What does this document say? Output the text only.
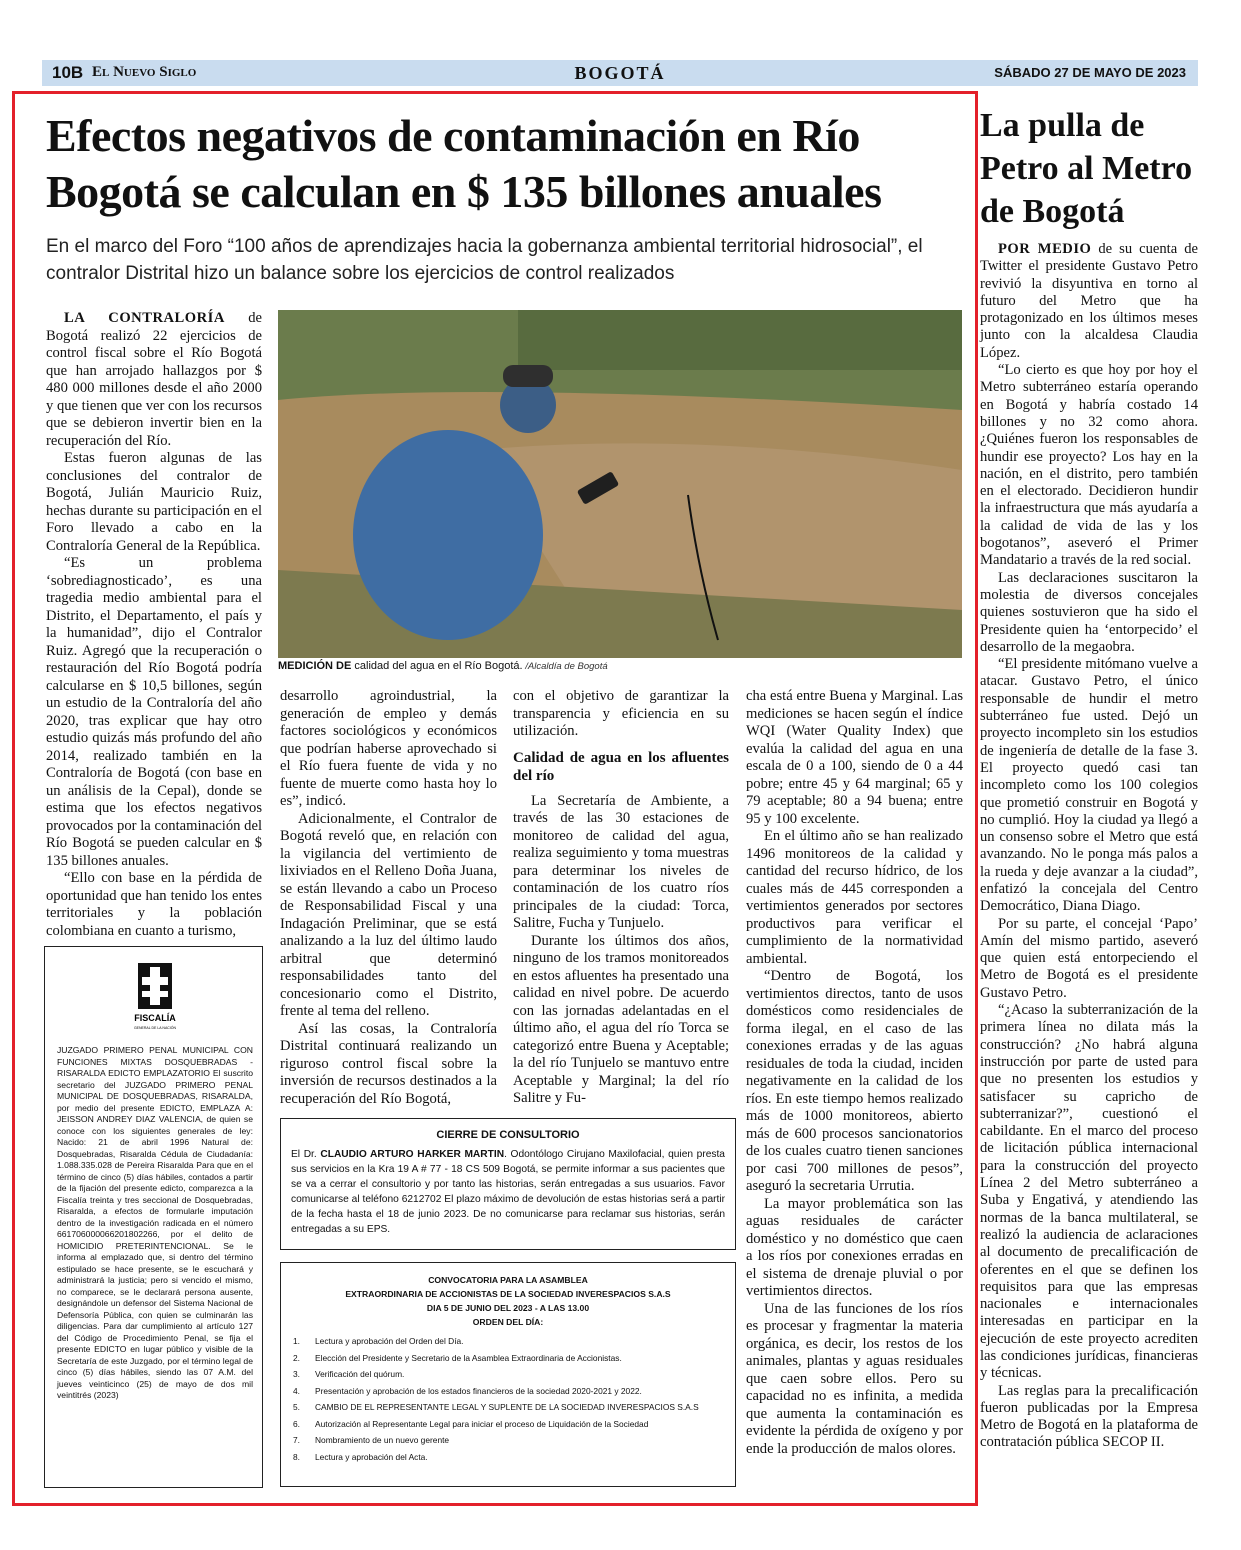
10B El Nuevo Siglo	BOGOTÁ	SÁBADO 27 DE MAYO DE 2023
Efectos negativos de contaminación en Río Bogotá se calculan en $ 135 billones anuales
En el marco del Foro “100 años de aprendizajes hacia la gobernanza ambiental territorial hidrosocial”, el contralor Distrital hizo un balance sobre los ejercicios de control realizados

LA CONTRALORÍA de Bogotá realizó 22 ejercicios de control fiscal sobre el Río Bogotá que han arrojado hallazgos por $ 480 000 millones desde el año 2000 y que tienen que ver con los recursos que se debieron invertir bien en la recuperación del Río.

Estas fueron algunas de las conclusiones del contralor de Bogotá, Julián Mauricio Ruiz, hechas durante su participación en el Foro llevado a cabo en la Contraloría General de la República.

“Es un problema ‘sobrediagnosticado’, es una tragedia medio ambiental para el Distrito, el Departamento, el país y la humanidad”, dijo el Contralor Ruiz. Agregó que la recuperación o restauración del Río Bogotá podría calcularse en $ 10,5 billones, según un estudio de la Contraloría del año 2020, tras explicar que hay otro estudio quizás más profundo del año 2014, realizado también en la Contraloría de Bogotá (con base en un análisis de la Cepal), donde se estima que los efectos negativos provocados por la contaminación del Río Bogotá se pueden calcular en $ 135 billones anuales.

“Ello con base en la pérdida de oportunidad que han tenido los entes territoriales y la población colombiana en cuanto a turismo,

MEDICIÓN DE calidad del agua en el Río Bogotá. /Alcaldía de Bogotá

desarrollo agroindustrial, la generación de empleo y demás factores sociológicos y económicos que podrían haberse aprovechado si el Río fuera fuente de vida y no fuente de muerte como hasta hoy lo es”, indicó.

Adicionalmente, el Contralor de Bogotá reveló que, en relación con la vigilancia del vertimiento de lixiviados en el Relleno Doña Juana, se están llevando a cabo un Proceso de Responsabilidad Fiscal y una Indagación Preliminar, que se está analizando a la luz del último laudo arbitral que determinó responsabilidades tanto del concesionario como el Distrito, frente al tema del relleno.

Así las cosas, la Contraloría Distrital continuará realizando un riguroso control fiscal sobre la inversión de recursos destinados a la recuperación del Río Bogotá,

con el objetivo de garantizar la transparencia y eficiencia en su utilización.

Calidad de agua en los afluentes del río

La Secretaría de Ambiente, a través de las 30 estaciones de monitoreo de calidad del agua, realiza seguimiento y toma muestras para determinar los niveles de contaminación de los cuatro ríos principales de la ciudad: Torca, Salitre, Fucha y Tunjuelo.

Durante los últimos dos años, ninguno de los tramos monitoreados en estos afluentes ha presentado una calidad en nivel pobre. De acuerdo con las jornadas adelantadas en el último año, el agua del río Torca se categorizó entre Buena y Aceptable; la del río Tunjuelo se mantuvo entre Aceptable y Marginal; la del río Salitre y Fu-

cha está entre Buena y Marginal. Las mediciones se hacen según el índice WQI (Water Quality Index) que evalúa la calidad del agua en una escala de 0 a 100, siendo de 0 a 44 pobre; entre 45 y 64 marginal; 65 y 79 aceptable; 80 a 94 buena; entre 95 y 100 excelente.

En el último año se han realizado 1496 monitoreos de la calidad y cantidad del recurso hídrico, de los cuales más de 445 corresponden a vertimientos generados por sectores productivos para verificar el cumplimiento de la normatividad ambiental.

“Dentro de Bogotá, los vertimientos directos, tanto de usos domésticos como residenciales de forma ilegal, en el caso de las conexiones erradas y de las aguas residuales de toda la ciudad, inciden negativamente en la calidad de los ríos. En este tiempo hemos realizado más de 1000 monitoreos, abierto más de 600 procesos sancionatorios de los cuales cuatro tienen sanciones por casi 700 millones de pesos”, aseguró la secretaria Urrutia.

La mayor problemática son las aguas residuales de carácter doméstico y no doméstico que caen a los ríos por conexiones erradas en el sistema de drenaje pluvial o por vertimientos directos.

Una de las funciones de los ríos es procesar y fragmentar la materia orgánica, es decir, los restos de los animales, plantas y aguas residuales que caen sobre ellos. Pero su capacidad no es infinita, a medida que aumenta la contaminación es evidente la pérdida de oxígeno y por ende la producción de malos olores.

FISCALÍA
GENERAL DE LA NACIÓN
JUZGADO PRIMERO PENAL MUNICIPAL CON FUNCIONES MIXTAS DOSQUEBRADAS - RISARALDA EDICTO EMPLAZATORIO El suscrito secretario del JUZGADO PRIMERO PENAL MUNICIPAL DE DOSQUEBRADAS, RISARALDA, por medio del presente EDICTO, EMPLAZA A: JEISSON ANDREY DIAZ VALENCIA, de quien se conoce con los siguientes generales de ley: Nacido: 21 de abril 1996 Natural de: Dosquebradas, Risaralda Cédula de Ciudadanía: 1.088.335.028 de Pereira Risaralda Para que en el término de cinco (5) días hábiles, contados a partir de la fijación del presente edicto, comparezca a la Fiscalía treinta y tres seccional de Dosquebradas, Risaralda, a efectos de formularle imputación dentro de la investigación radicada en el número 661706000066201802266, por el delito de HOMICIDIO PRETERINTENCIONAL. Se le informa al emplazado que, si dentro del término estipulado se hace presente, se le escuchará y administrará la justicia; pero si vencido el mismo, no comparece, se le declarará persona ausente, designándole un defensor del Sistema Nacional de Defensoría Pública, con quien se culminarán las diligencias. Para dar cumplimiento al artículo 127 del Código de Procedimiento Penal, se fija el presente EDICTO en lugar público y visible de la Secretaría de este Juzgado, por el término legal de cinco (5) días hábiles, siendo las 07 A.M. del jueves veinticinco (25) de mayo de dos mil veintitrés (2023)
CIERRE DE CONSULTORIO
El Dr. CLAUDIO ARTURO HARKER MARTIN. Odontólogo Cirujano Maxilofacial, quien presta sus servicios en la Kra 19 A # 77 - 18 CS 509 Bogotá, se permite informar a sus pacientes que se va a cerrar el consultorio y por tanto las historias, serán entregadas a sus usuarios. Favor comunicarse al teléfono 6212702 El plazo máximo de devolución de estas historias será a partir de la fecha hasta el 18 de junio 2023. De no comunicarse para reclamar sus historias, serán entregadas a su EPS.
CONVOCATORIA PARA LA ASAMBLEA
EXTRAORDINARIA DE ACCIONISTAS DE LA SOCIEDAD INVERESPACIOS S.A.S
DIA 5 DE JUNIO DEL 2023 - A LAS 13.00
ORDEN DEL DÍA:
1. Lectura y aprobación del Orden del Día.
2. Elección del Presidente y Secretario de la Asamblea Extraordinaria de Accionistas.
3. Verificación del quórum.
4. Presentación y aprobación de los estados financieros de la sociedad 2020-2021 y 2022.
5. CAMBIO DE EL REPRESENTANTE LEGAL Y SUPLENTE DE LA SOCIEDAD INVERESPACIOS S.A.S
6. Autorización al Representante Legal para iniciar el proceso de Liquidación de la Sociedad
7. Nombramiento de un nuevo gerente
8. Lectura y aprobación del Acta.
La pulla de Petro al Metro de Bogotá

POR MEDIO de su cuenta de Twitter el presidente Gustavo Petro revivió la disyuntiva en torno al futuro del Metro que ha protagonizado en los últimos meses junto con la alcaldesa Claudia López.

“Lo cierto es que hoy por hoy el Metro subterráneo estaría operando en Bogotá y habría costado 14 billones y no 32 como ahora. ¿Quiénes fueron los responsables de hundir ese proyecto? Los hay en la nación, en el distrito, pero también en el electorado. Decidieron hundir la infraestructura que más ayudaría a la calidad de vida de las y los bogotanos”, aseveró el Primer Mandatario a través de la red social.

Las declaraciones suscitaron la molestia de diversos concejales quienes sostuvieron que ha sido el Presidente quien ha ‘entorpecido’ el desarrollo de la megaobra.

“El presidente mitómano vuelve a atacar. Gustavo Petro, el único responsable de hundir el metro subterráneo fue usted. Dejó un proyecto incompleto sin los estudios de ingeniería de detalle de la fase 3. El proyecto quedó casi tan incompleto como los 100 colegios que prometió construir en Bogotá y no cumplió. Hoy la ciudad ya llegó a un consenso sobre el Metro que está avanzando. No le ponga más palos a la rueda y deje avanzar a la ciudad”, enfatizó la concejala del Centro Democrático, Diana Diago.

Por su parte, el concejal ‘Papo’ Amín del mismo partido, aseveró que quien está entorpeciendo el Metro de Bogotá es el presidente Gustavo Petro.

“¿Acaso la subterranización de la primera línea no dilata más la construcción? ¿No habrá alguna instrucción por parte de usted para que no presenten los estudios y satisfacer su capricho de subterranizar?”, cuestionó el cabildante. En el marco del proceso de licitación pública internacional para la construcción del proyecto Línea 2 del Metro subterráneo a Suba y Engativá, y atendiendo las normas de la banca multilateral, se realizó la audiencia de aclaraciones al documento de precalificación de oferentes en el que se definen los requisitos para que las empresas nacionales e internacionales interesadas en participar en la ejecución de este proyecto acrediten las condiciones jurídicas, financieras y técnicas.

Las reglas para la precalificación fueron publicadas por la Empresa Metro de Bogotá en la plataforma de contratación pública SECOP II.
